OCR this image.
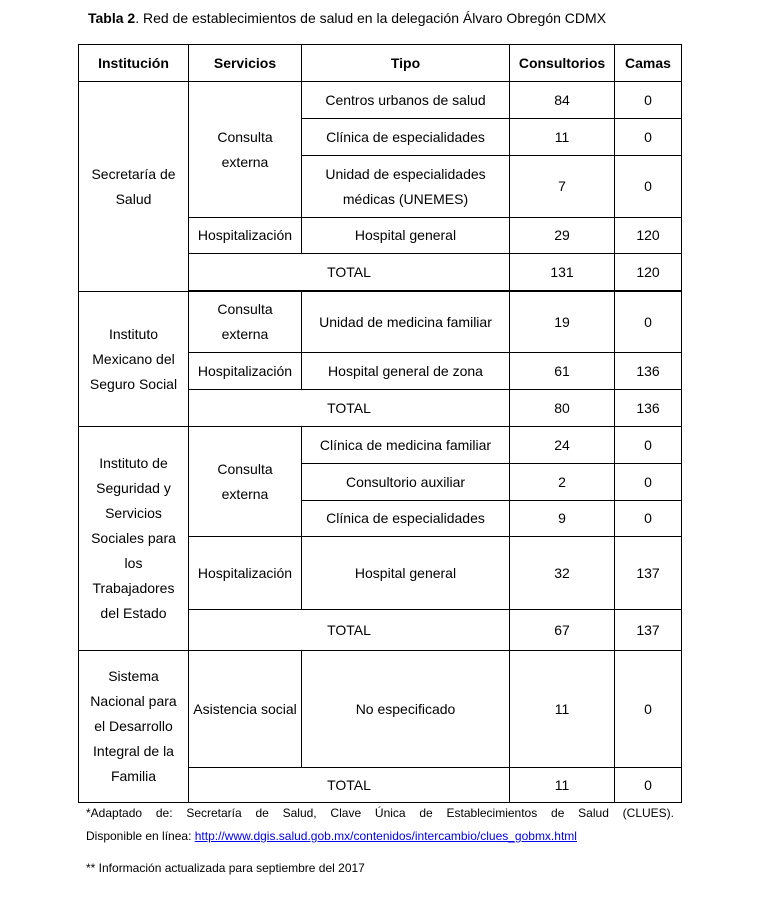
Tabla 2. Red de establecimientos de salud en la delegación Álvaro Obregón CDMX
Institución	Servicios	Tipo	Consultorios	Camas
Secretaría de Salud	Consulta externa	Centros urbanos de salud	84	0
		Clínica de especialidades	11	0
		Unidad de especialidades médicas (UNEMES)	7	0
	Hospitalización	Hospital general	29	120
	TOTAL		131	120

Instituto Mexicano del Seguro Social	Consulta externa	Unidad de medicina familiar	19	0
	Hospitalización	Hospital general de zona	61	136
	TOTAL		80	136
Instituto de Seguridad y Servicios Sociales para los Trabajadores del Estado	Consulta externa	Clínica de medicina familiar	24	0
		Consultorio auxiliar	2	0
		Clínica de especialidades	9	0
	Hospitalización	Hospital general	32	137
	TOTAL		67	137
Sistema Nacional para el Desarrollo Integral de la Familia	Asistencia social	No especificado	11	0
	TOTAL		11	0
*Adaptado de: Secretaría de Salud, Clave Única de Establecimientos de Salud (CLUES).
Disponible en línea: http://www.dgis.salud.gob.mx/contenidos/intercambio/clues_gobmx.html
** Información actualizada para septiembre del 2017
